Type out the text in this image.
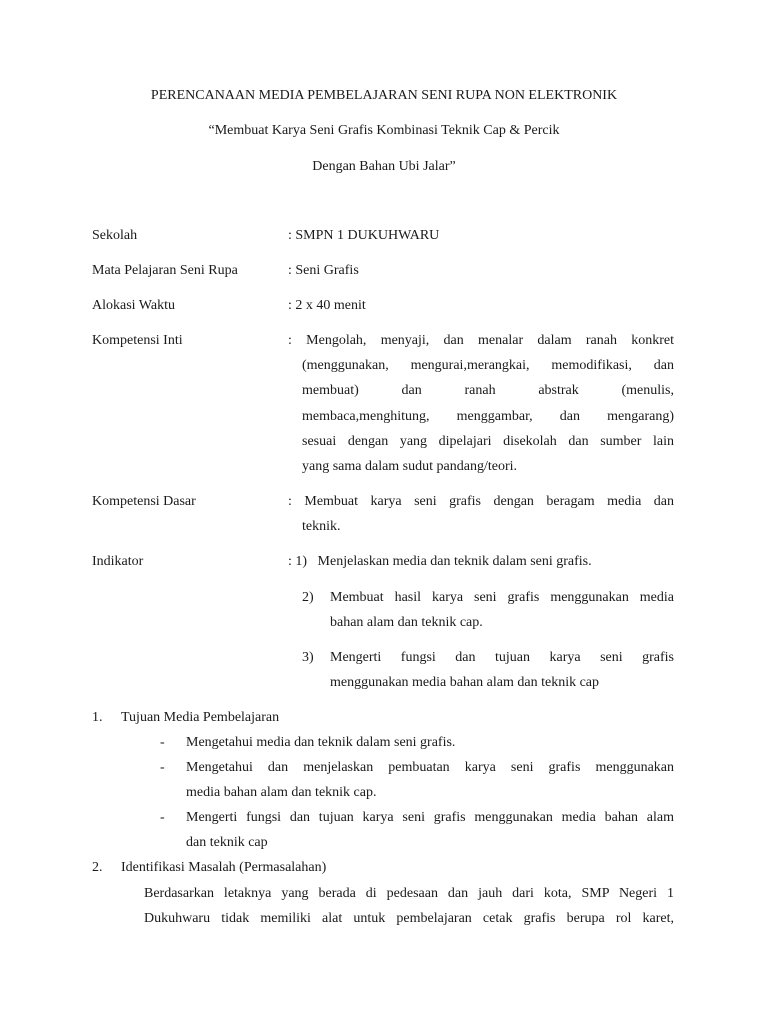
PERENCANAAN MEDIA PEMBELAJARAN SENI RUPA NON ELEKTRONIK
“Membuat Karya Seni Grafis Kombinasi Teknik Cap & Percik
Dengan Bahan Ubi Jalar”
Sekolah	: SMPN 1 DUKUHWARU
Mata Pelajaran Seni Rupa	: Seni Grafis
Alokasi Waktu	: 2 x 40 menit
Kompetensi Inti	: Mengolah, menyaji, dan menalar dalam ranah konkret
(menggunakan, mengurai,merangkai, memodifikasi, dan
membuat) dan ranah abstrak (menulis,
membaca,menghitung, menggambar, dan mengarang)
sesuai dengan yang dipelajari disekolah dan sumber lain
yang sama dalam sudut pandang/teori.
Kompetensi Dasar	: Membuat karya seni grafis dengan beragam media dan
teknik.
Indikator	: 1)   Menjelaskan media dan teknik dalam seni grafis.
2) Membuat hasil karya seni grafis menggunakan media
bahan alam dan teknik cap.
3) Mengerti fungsi dan tujuan karya seni grafis
menggunakan media bahan alam dan teknik cap
1. Tujuan Media Pembelajaran
- Mengetahui media dan teknik dalam seni grafis.
- Mengetahui dan menjelaskan pembuatan karya seni grafis menggunakan
media bahan alam dan teknik cap.
- Mengerti fungsi dan tujuan karya seni grafis menggunakan media bahan alam
dan teknik cap
2. Identifikasi Masalah (Permasalahan)
Berdasarkan letaknya yang berada di pedesaan dan jauh dari kota, SMP Negeri 1
Dukuhwaru tidak memiliki alat untuk pembelajaran cetak grafis berupa rol karet,
